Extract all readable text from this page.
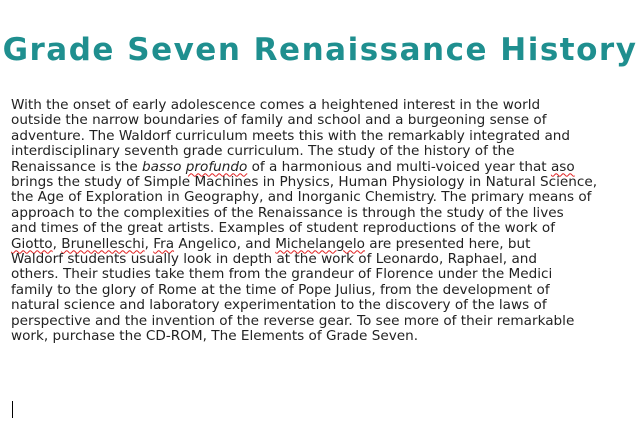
Grade Seven Renaissance History
With the onset of early adolescence comes a heightened interest in the world
outside the narrow boundaries of family and school and a burgeoning sense of
adventure. The Waldorf curriculum meets this with the remarkably integrated and
interdisciplinary seventh grade curriculum. The study of the history of the
Renaissance is the basso profundo of a harmonious and multi-voiced year that aso
brings the study of Simple Machines in Physics, Human Physiology in Natural Science,
the Age of Exploration in Geography, and Inorganic Chemistry. The primary means of
approach to the complexities of the Renaissance is through the study of the lives
and times of the great artists. Examples of student reproductions of the work of
Giotto, Brunelleschi, Fra Angelico, and Michelangelo are presented here, but
Waldorf students usually look in depth at the work of Leonardo, Raphael, and
others. Their studies take them from the grandeur of Florence under the Medici
family to the glory of Rome at the time of Pope Julius, from the development of
natural science and laboratory experimentation to the discovery of the laws of
perspective and the invention of the reverse gear. To see more of their remarkable
work, purchase the CD-ROM, The Elements of Grade Seven.
